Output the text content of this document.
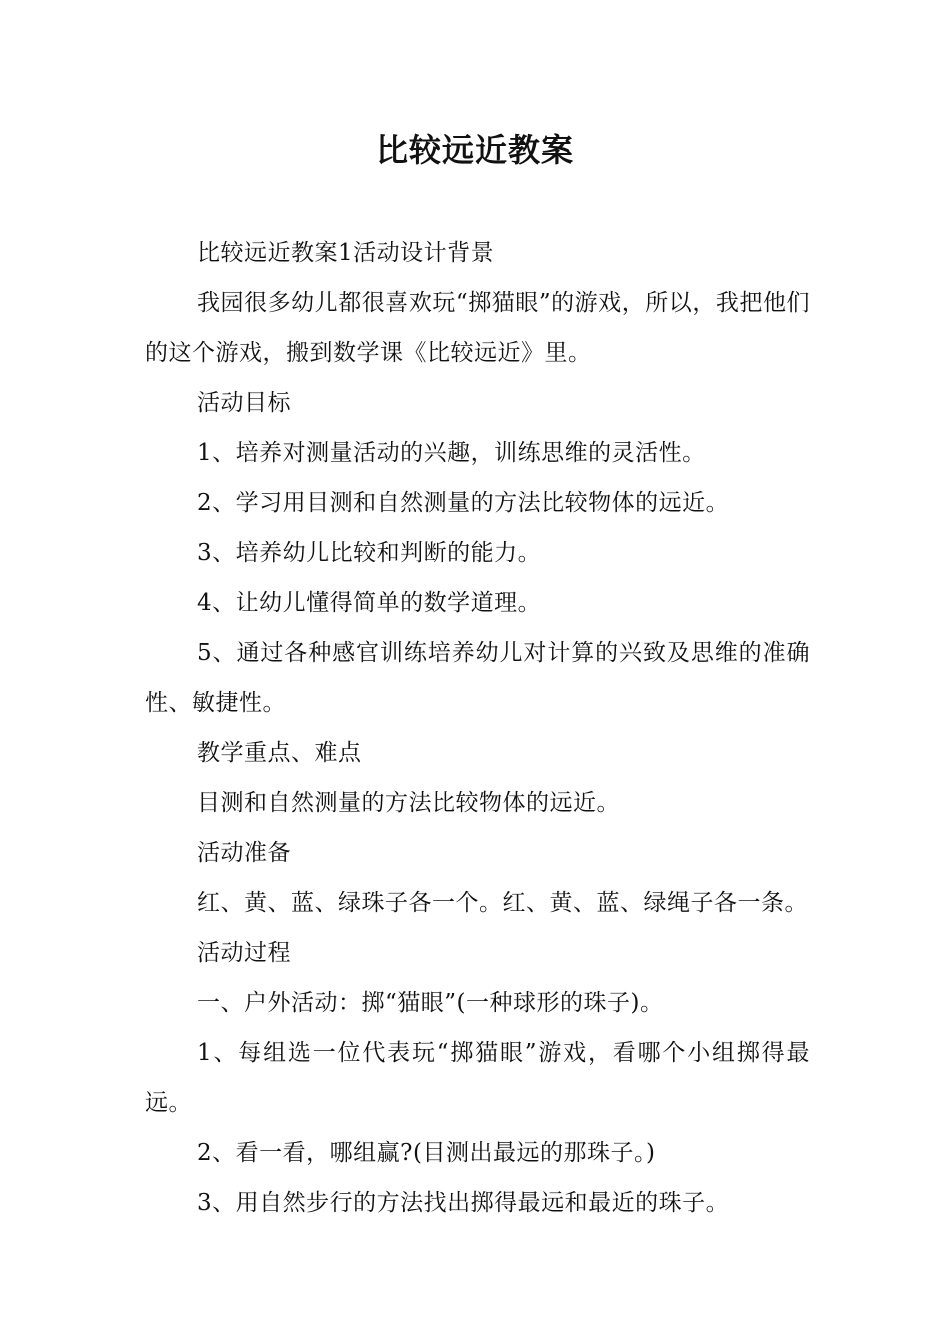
比较远近教案

比较远近教案1活动设计背景

我园很多幼儿都很喜欢玩“掷猫眼”的游戏，所以，我把他们的这个游戏，搬到数学课《比较远近》里。

活动目标

1、培养对测量活动的兴趣，训练思维的灵活性。

2、学习用目测和自然测量的方法比较物体的远近。

3、培养幼儿比较和判断的能力。

4、让幼儿懂得简单的数学道理。

5、通过各种感官训练培养幼儿对计算的兴致及思维的准确性、敏捷性。

教学重点、难点

目测和自然测量的方法比较物体的远近。

活动准备

红、黄、蓝、绿珠子各一个。红、黄、蓝、绿绳子各一条。

活动过程

一、户外活动：掷“猫眼”(一种球形的珠子)。

1、每组选一位代表玩“掷猫眼”游戏，看哪个小组掷得最远。

2、看一看，哪组赢?(目测出最远的那珠子。)

3、用自然步行的方法找出掷得最远和最近的珠子。
